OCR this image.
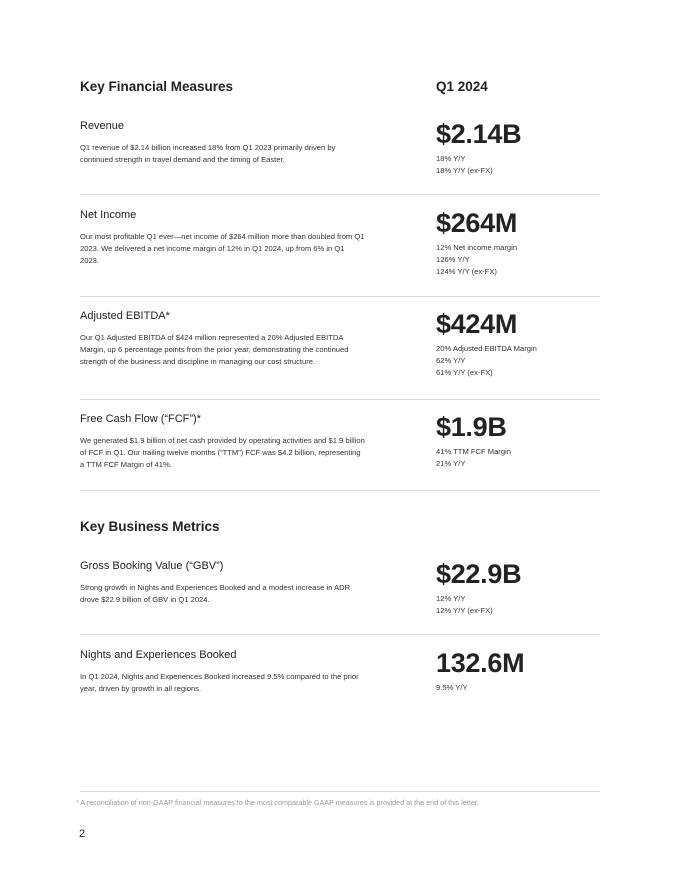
Key Financial Measures	Q1 2024
Revenue
Q1 revenue of $2.14 billion increased 18% from Q1 2023 primarily driven by continued strength in travel demand and the timing of Easter.
$2.14B
18% Y/Y
18% Y/Y (ex-FX)
Net Income
Our most profitable Q1 ever—net income of $264 million more than doubled from Q1 2023. We delivered a net income margin of 12% in Q1 2024, up from 6% in Q1 2023.
$264M
12% Net income margin
126% Y/Y
124% Y/Y (ex-FX)
Adjusted EBITDA*
Our Q1 Adjusted EBITDA of $424 million represented a 20% Adjusted EBITDA Margin, up 6 percentage points from the prior year, demonstrating the continued strength of the business and discipline in managing our cost structure.
$424M
20% Adjusted EBITDA Margin
62% Y/Y
61% Y/Y (ex-FX)
Free Cash Flow (“FCF”)*
We generated $1.9 billion of net cash provided by operating activities and $1.9 billion of FCF in Q1. Our trailing twelve months (“TTM”) FCF was $4.2 billion, representing a TTM FCF Margin of 41%.
$1.9B
41% TTM FCF Margin
21% Y/Y
Key Business Metrics
Gross Booking Value (“GBV”)
Strong growth in Nights and Experiences Booked and a modest increase in ADR drove $22.9 billion of GBV in Q1 2024.
$22.9B
12% Y/Y
12% Y/Y (ex-FX)
Nights and Experiences Booked
In Q1 2024, Nights and Experiences Booked increased 9.5% compared to the prior year, driven by growth in all regions.
132.6M
9.5% Y/Y
* A reconciliation of non-GAAP financial measures to the most comparable GAAP measures is provided at the end of this letter.
2
